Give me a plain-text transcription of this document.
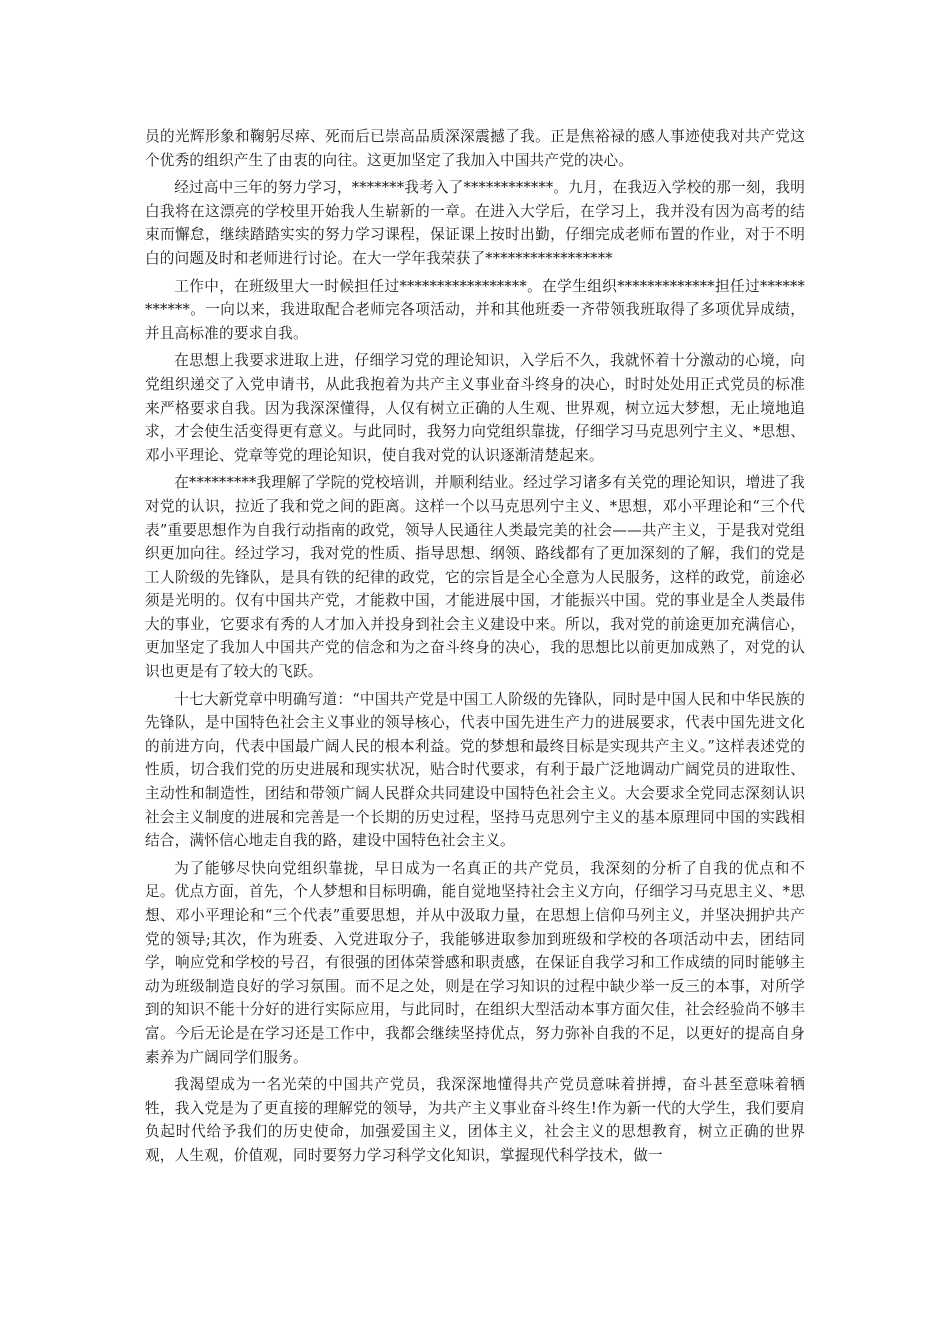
员的光辉形象和鞠躬尽瘁、死而后已崇高品质深深震撼了我。正是焦裕禄的感人事迹使我对共产党这个优秀的组织产生了由衷的向往。这更加坚定了我加入中国共产党的决心。

经过高中三年的努力学习，*******我考入了************。九月，在我迈入学校的那一刻，我明白我将在这漂亮的学校里开始我人生崭新的一章。在进入大学后，在学习上，我并没有因为高考的结束而懈怠，继续踏踏实实的努力学习课程，保证课上按时出勤，仔细完成老师布置的作业，对于不明白的问题及时和老师进行讨论。在大一学年我荣获了*****************

工作中，在班级里大一时候担任过*****************。在学生组织*************担任过************。一向以来，我进取配合老师完各项活动，并和其他班委一齐带领我班取得了多项优异成绩，并且高标准的要求自我。

在思想上我要求进取上进，仔细学习党的理论知识，入学后不久，我就怀着十分激动的心境，向党组织递交了入党申请书，从此我抱着为共产主义事业奋斗终身的决心，时时处处用正式党员的标准来严格要求自我。因为我深深懂得，人仅有树立正确的人生观、世界观，树立远大梦想，无止境地追求，才会使生活变得更有意义。与此同时，我努力向党组织靠拢，仔细学习马克思列宁主义、*思想、邓小平理论、党章等党的理论知识，使自我对党的认识逐渐清楚起来。

在*********我理解了学院的党校培训，并顺利结业。经过学习诸多有关党的理论知识，增进了我对党的认识，拉近了我和党之间的距离。这样一个以马克思列宁主义、*思想，邓小平理论和“三个代表”重要思想作为自我行动指南的政党，领导人民通往人类最完美的社会——共产主义，于是我对党组织更加向往。经过学习，我对党的性质、指导思想、纲领、路线都有了更加深刻的了解，我们的党是工人阶级的先锋队，是具有铁的纪律的政党，它的宗旨是全心全意为人民服务，这样的政党，前途必须是光明的。仅有中国共产党，才能救中国，才能进展中国，才能振兴中国。党的事业是全人类最伟大的事业，它要求有秀的人才加入并投身到社会主义建设中来。所以，我对党的前途更加充满信心，更加坚定了我加人中国共产党的信念和为之奋斗终身的决心，我的思想比以前更加成熟了，对党的认识也更是有了较大的飞跃。

十七大新党章中明确写道：“中国共产党是中国工人阶级的先锋队，同时是中国人民和中华民族的先锋队，是中国特色社会主义事业的领导核心，代表中国先进生产力的进展要求，代表中国先进文化的前进方向，代表中国最广阔人民的根本利益。党的梦想和最终目标是实现共产主义。”这样表述党的性质，切合我们党的历史进展和现实状况，贴合时代要求，有利于最广泛地调动广阔党员的进取性、主动性和制造性，团结和带领广阔人民群众共同建设中国特色社会主义。大会要求全党同志深刻认识社会主义制度的进展和完善是一个长期的历史过程，坚持马克思列宁主义的基本原理同中国的实践相结合，满怀信心地走自我的路，建设中国特色社会主义。

为了能够尽快向党组织靠拢，早日成为一名真正的共产党员，我深刻的分析了自我的优点和不足。优点方面，首先，个人梦想和目标明确，能自觉地坚持社会主义方向，仔细学习马克思主义、*思想、邓小平理论和“三个代表”重要思想，并从中汲取力量，在思想上信仰马列主义，并坚决拥护共产党的领导;其次，作为班委、入党进取分子，我能够进取参加到班级和学校的各项活动中去，团结同学，响应党和学校的号召，有很强的团体荣誉感和职责感，在保证自我学习和工作成绩的同时能够主动为班级制造良好的学习氛围。而不足之处，则是在学习知识的过程中缺少举一反三的本事，对所学到的知识不能十分好的进行实际应用，与此同时，在组织大型活动本事方面欠佳，社会经验尚不够丰富。今后无论是在学习还是工作中，我都会继续坚持优点，努力弥补自我的不足，以更好的提高自身素养为广阔同学们服务。

我渴望成为一名光荣的中国共产党员，我深深地懂得共产党员意味着拼搏，奋斗甚至意味着牺牲，我入党是为了更直接的理解党的领导，为共产主义事业奋斗终生!作为新一代的大学生，我们要肩负起时代给予我们的历史使命，加强爱国主义，团体主义，社会主义的思想教育，树立正确的世界观，人生观，价值观，同时要努力学习科学文化知识，掌握现代科学技术，做一
